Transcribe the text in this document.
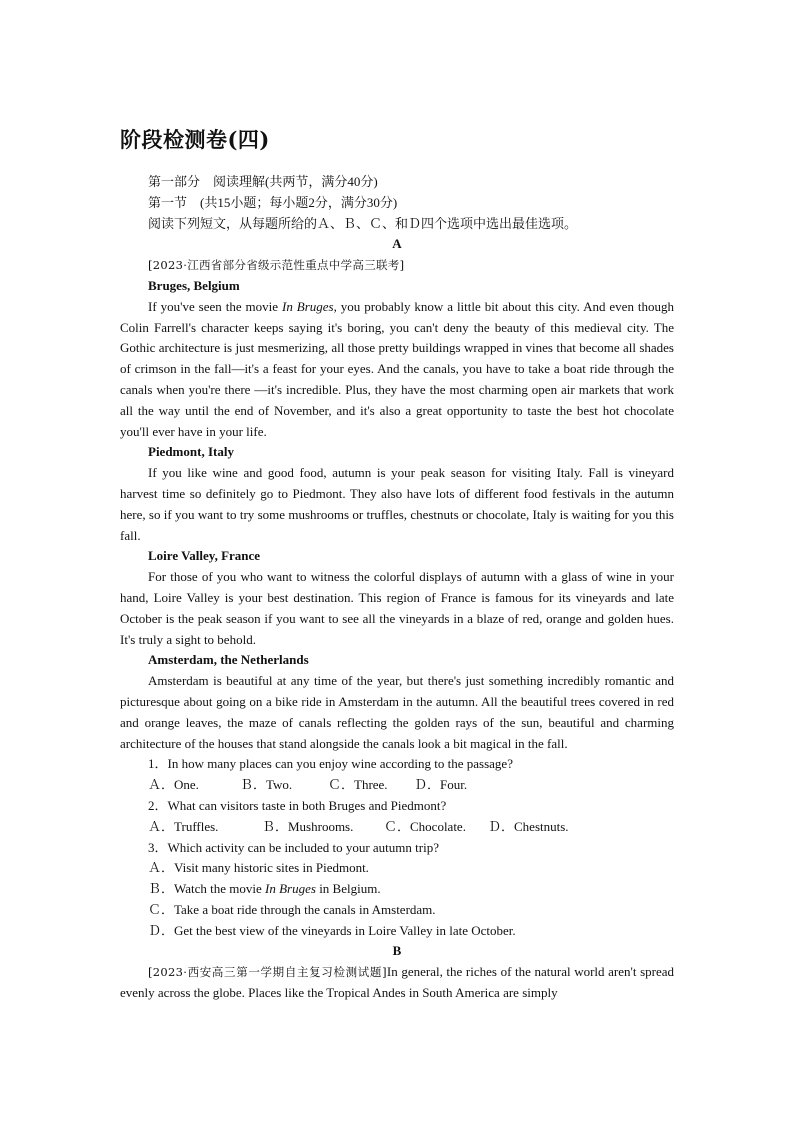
阶段检测卷(四)

第一部分　阅读理解(共两节，满分40分)

第一节　(共15小题；每小题2分，满分30分)

阅读下列短文，从每题所给的Ａ、Ｂ、Ｃ、和Ｄ四个选项中选出最佳选项。

A

[2023·江西省部分省级示范性重点中学高三联考]

Bruges, Belgium

If you've seen the movie In Bruges, you probably know a little bit about this city. And even though Colin Farrell's character keeps saying it's boring, you can't deny the beauty of this medieval city. The Gothic architecture is just mesmerizing, all those pretty buildings wrapped in vines that become all shades of crimson in the fall—it's a feast for your eyes. And the canals, you have to take a boat ride through the canals when you're there —it's incredible. Plus, they have the most charming open air markets that work all the way until the end of November, and it's also a great opportunity to taste the best hot chocolate you'll ever have in your life.

Piedmont, Italy

If you like wine and good food, autumn is your peak season for visiting Italy. Fall is vineyard harvest time so definitely go to Piedmont. They also have lots of different food festivals in the autumn here, so if you want to try some mushrooms or truffles, chestnuts or chocolate, Italy is waiting for you this fall.

Loire Valley, France

For those of you who want to witness the colorful displays of autumn with a glass of wine in your hand, Loire Valley is your best destination. This region of France is famous for its vineyards and late October is the peak season if you want to see all the vineyards in a blaze of red, orange and golden hues. It's truly a sight to behold.

Amsterdam, the Netherlands

Amsterdam is beautiful at any time of the year, but there's just something incredibly romantic and picturesque about going on a bike ride in Amsterdam in the autumn. All the beautiful trees covered in red and orange leaves, the maze of canals reflecting the golden rays of the sun, beautiful and charming architecture of the houses that stand alongside the canals look a bit magical in the fall.

1．In how many places can you enjoy wine according to the passage?

Ａ．One.	Ｂ．Two.	Ｃ．Three.	Ｄ．Four.

2．What can visitors taste in both Bruges and Piedmont?

Ａ．Truffles.	Ｂ．Mushrooms.	Ｃ．Chocolate.	Ｄ．Chestnuts.

3．Which activity can be included to your autumn trip?

Ａ．Visit many historic sites in Piedmont.

Ｂ．Watch the movie In Bruges in Belgium.

Ｃ．Take a boat ride through the canals in Amsterdam.

Ｄ．Get the best view of the vineyards in Loire Valley in late October.

B

[2023·西安高三第一学期自主复习检测试题]In general, the riches of the natural world aren't spread evenly across the globe. Places like the Tropical Andes in South America are simply
